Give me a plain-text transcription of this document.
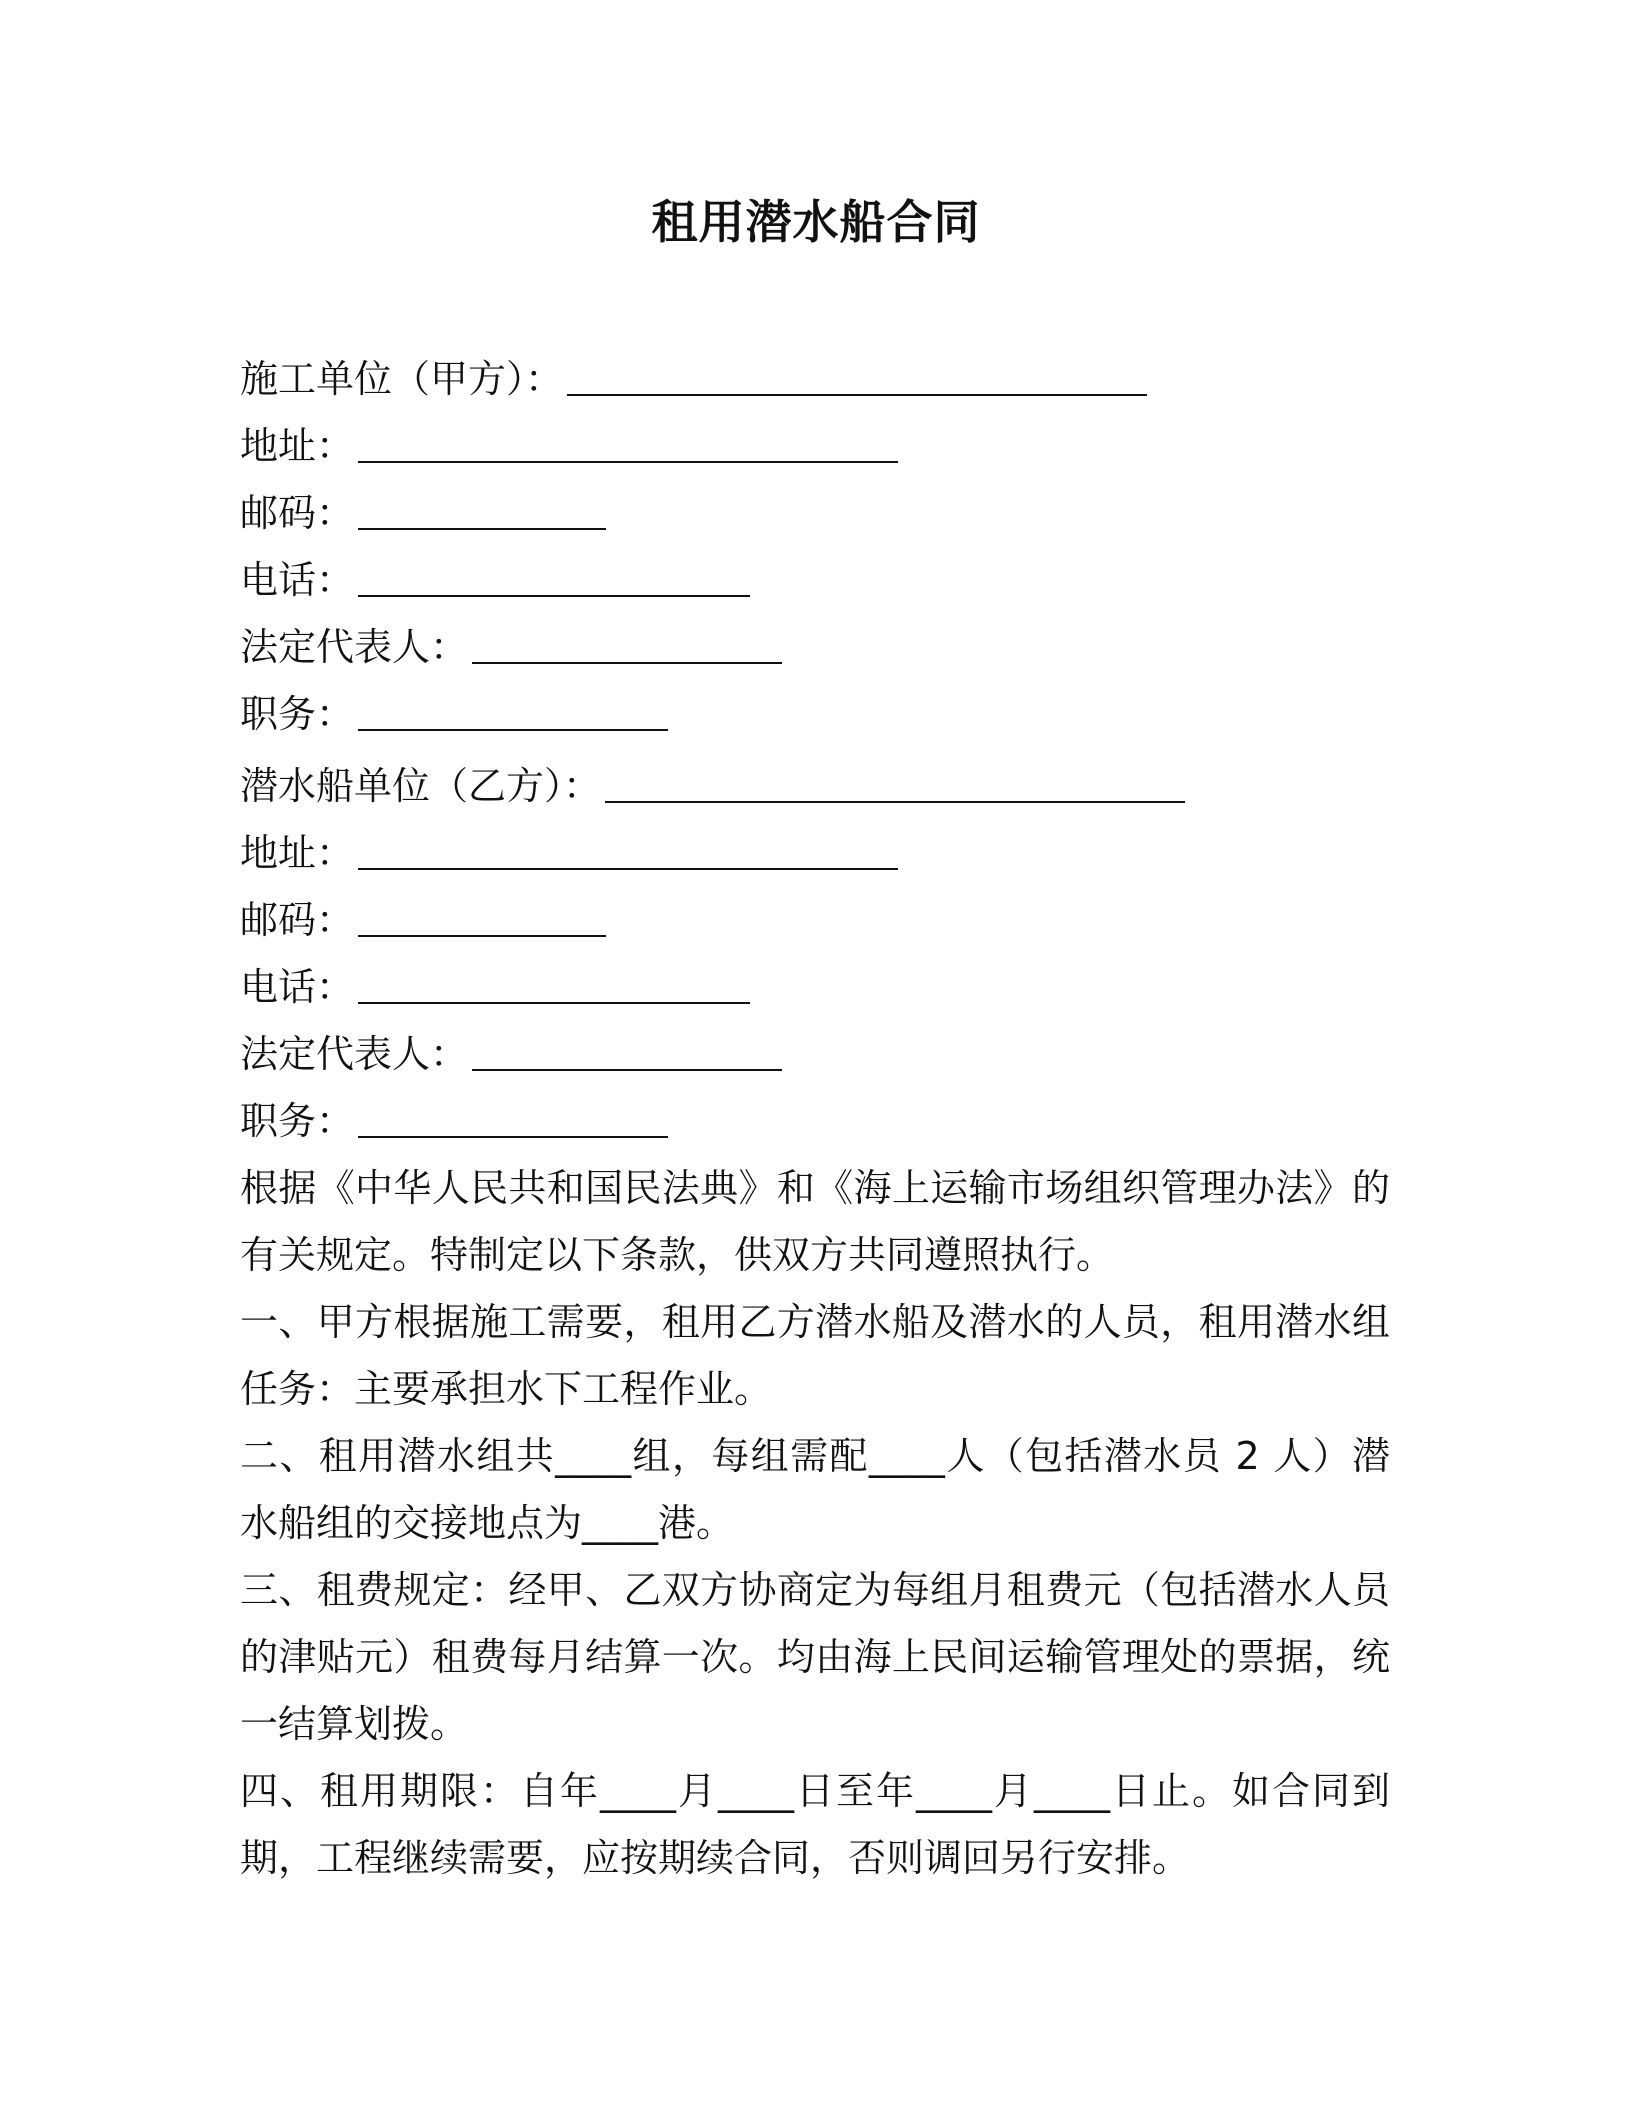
租用潜水船合同
施工单位（甲方）：
地址：
邮码：
电话：
法定代表人：
职务：
潜水船单位（乙方）：
地址：
邮码：
电话：
法定代表人：
职务：

根据《中华人民共和国民法典》和《海上运输市场组织管理办法》的有关规定。特制定以下条款，供双方共同遵照执行。

一、甲方根据施工需要，租用乙方潜水船及潜水的人员，租用潜水组任务：主要承担水下工程作业。

二、租用潜水组共____组，每组需配____人（包括潜水员 2 人）潜水船组的交接地点为____港。

三、租费规定：经甲、乙双方协商定为每组月租费元（包括潜水人员的津贴元）租费每月结算一次。均由海上民间运输管理处的票据，统一结算划拨。

四、租用期限：自年____月____日至年____月____日止。如合同到期，工程继续需要，应按期续合同，否则调回另行安排。
